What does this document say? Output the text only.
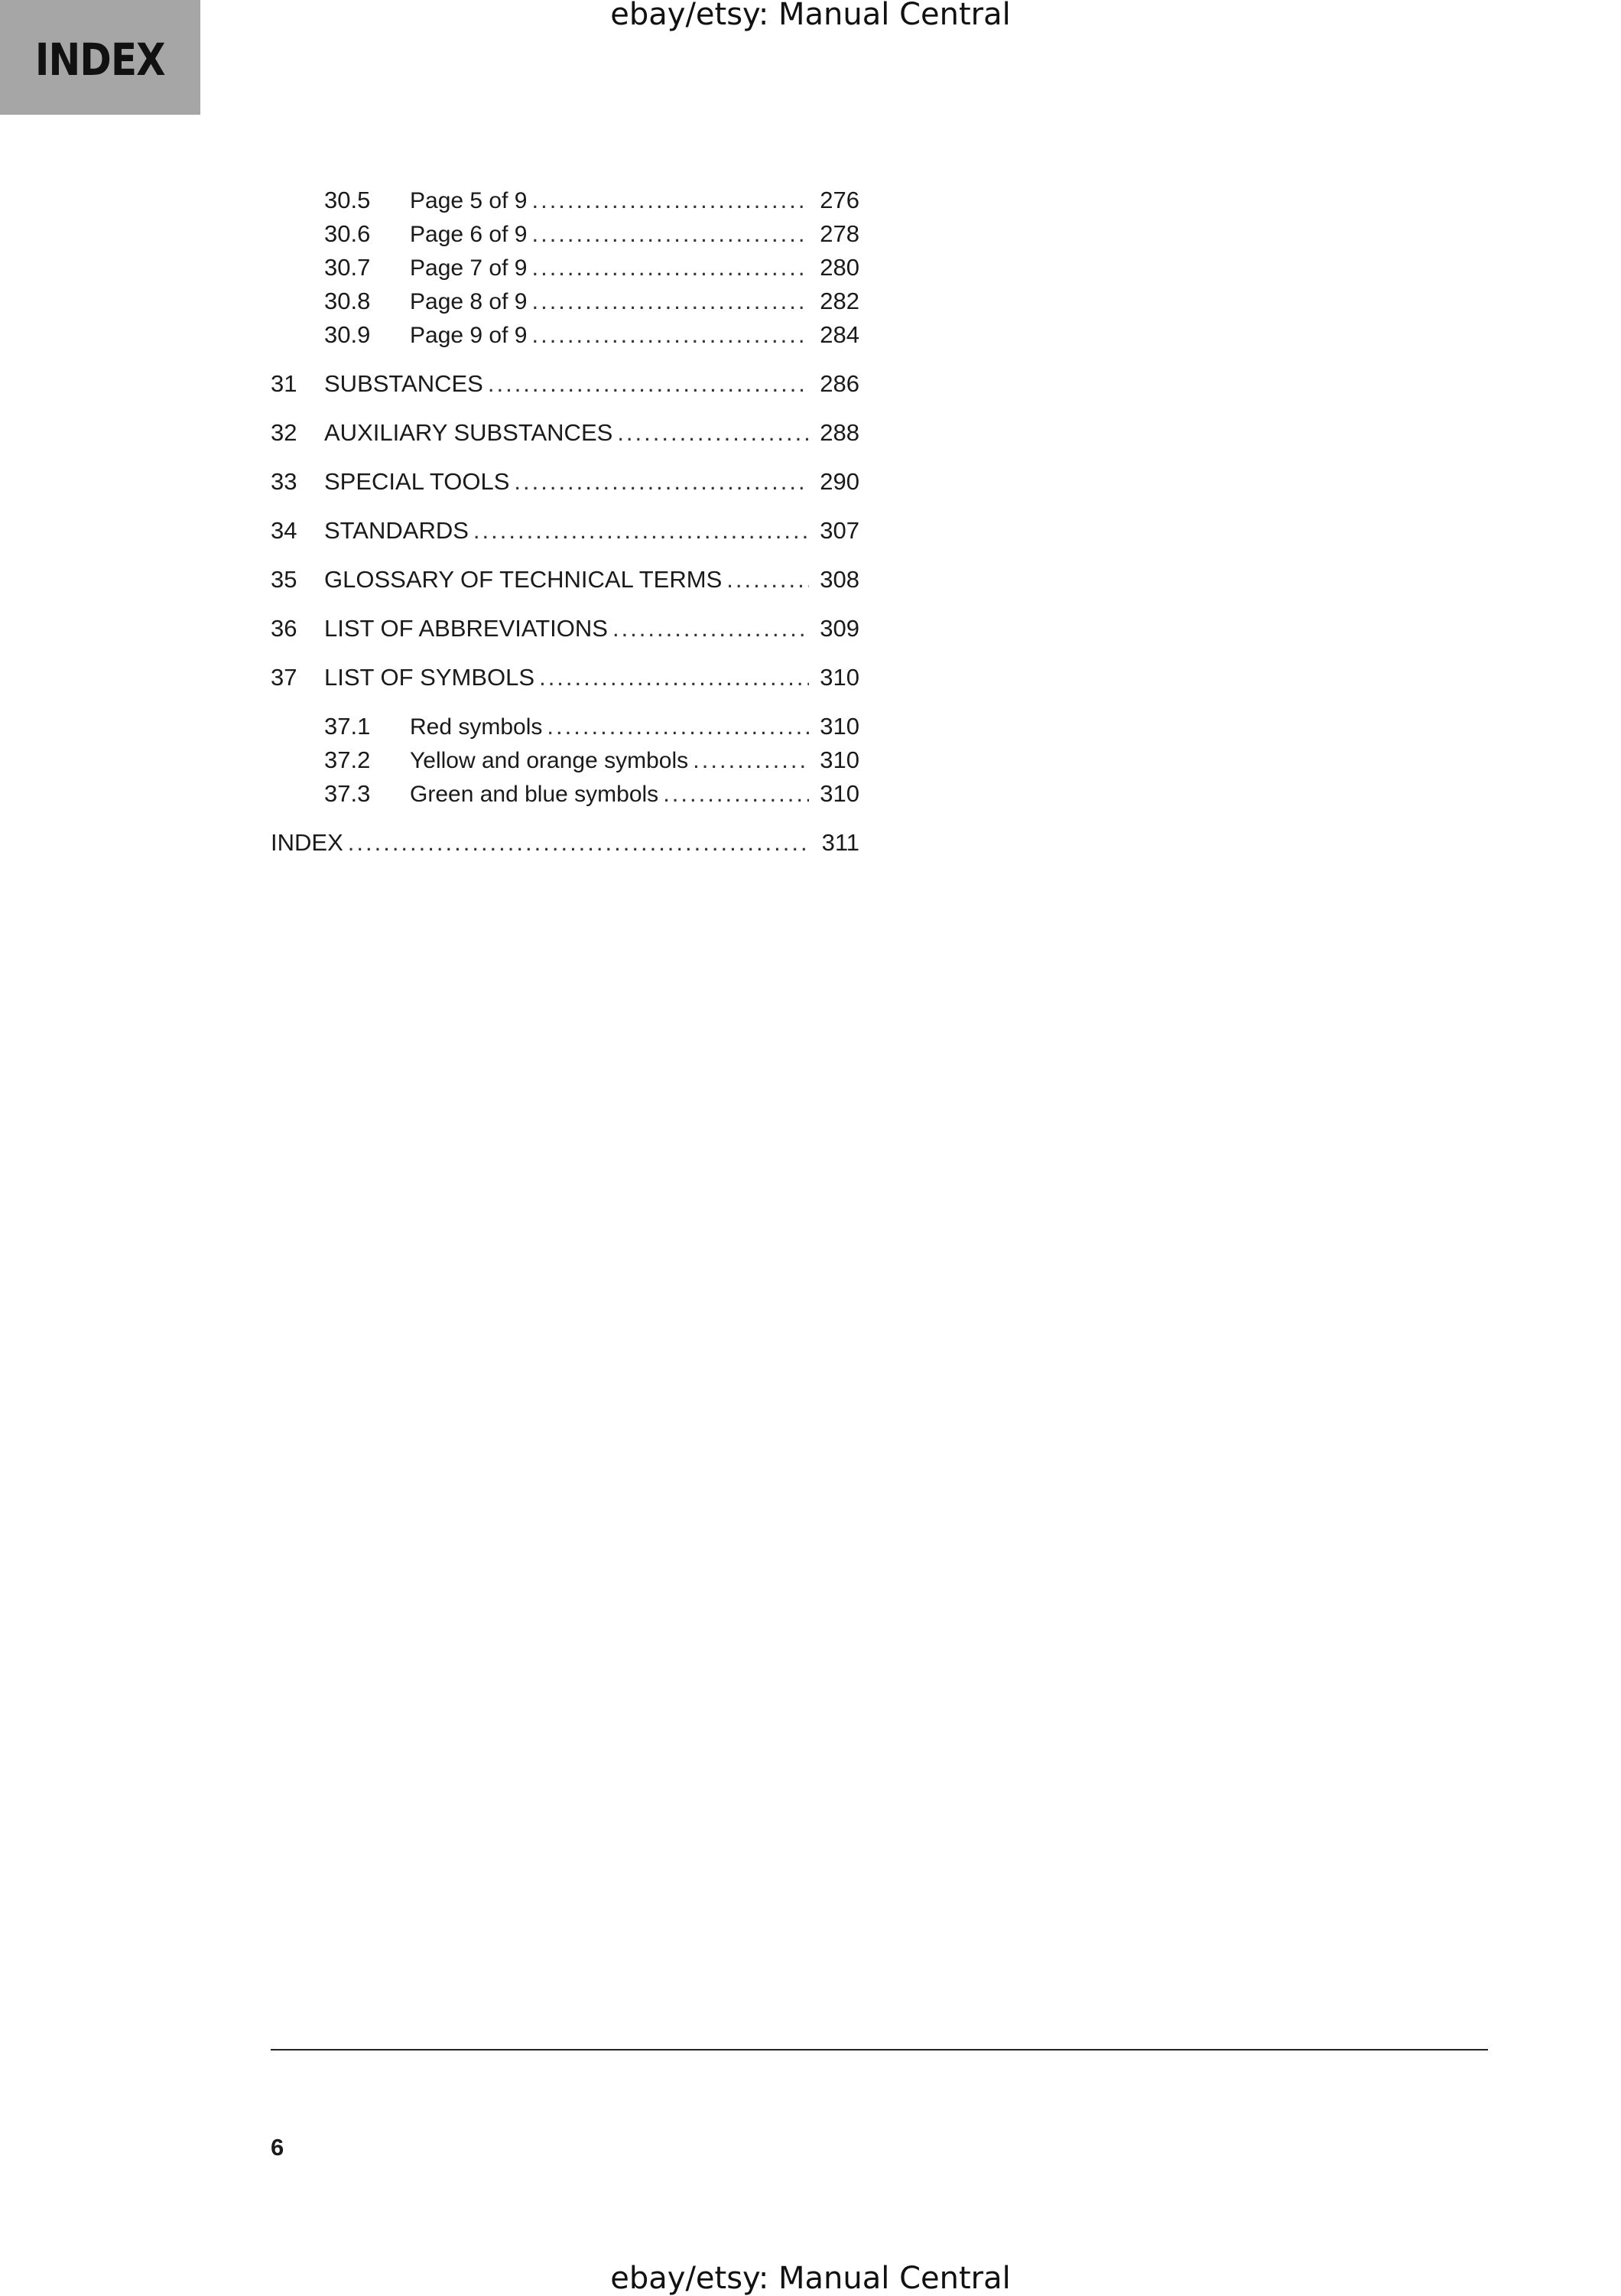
INDEX
ebay/etsy: Manual Central
30.5	Page 5 of 9 .....	276
30.6	Page 6 of 9 .....	278
30.7	Page 7 of 9 .....	280
30.8	Page 8 of 9 .....	282
30.9	Page 9 of 9 .....	284
31	SUBSTANCES .....	286
32	AUXILIARY SUBSTANCES .....	288
33	SPECIAL TOOLS .....	290
34	STANDARDS .....	307
35	GLOSSARY OF TECHNICAL TERMS .....	308
36	LIST OF ABBREVIATIONS .....	309
37	LIST OF SYMBOLS .....	310
37.1	Red symbols .....	310
37.2	Yellow and orange symbols .....	310
37.3	Green and blue symbols .....	310
INDEX .....	311
6
ebay/etsy: Manual Central
